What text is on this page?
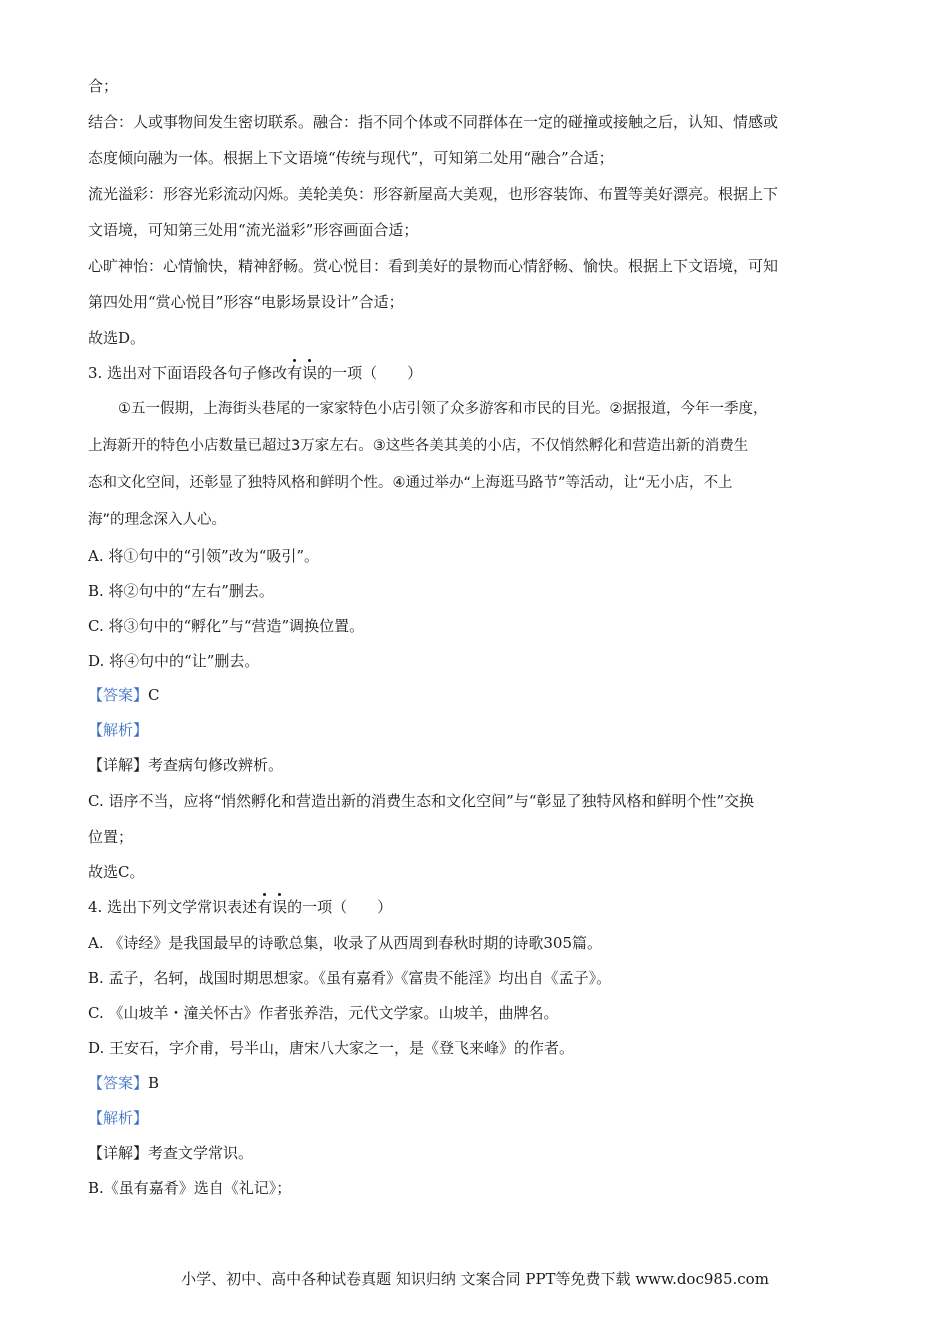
合；
结合：人或事物间发生密切联系。融合：指不同个体或不同群体在一定的碰撞或接触之后，认知、情感或
态度倾向融为一体。根据上下文语境“传统与现代”，可知第二处用“融合”合适；
流光溢彩：形容光彩流动闪烁。美轮美奂：形容新屋高大美观，也形容装饰、布置等美好漂亮。根据上下
文语境，可知第三处用“流光溢彩”形容画面合适；
心旷神怡：心情愉快，精神舒畅。赏心悦目：看到美好的景物而心情舒畅、愉快。根据上下文语境，可知
第四处用“赏心悦目”形容“电影场景设计”合适；
故选D。
3. 选出对下面语段各句子修改有误的一项（　　）
①五一假期，上海街头巷尾的一家家特色小店引领了众多游客和市民的目光。②据报道，今年一季度，
上海新开的特色小店数量已超过3万家左右。③这些各美其美的小店，不仅悄然孵化和营造出新的消费生
态和文化空间，还彰显了独特风格和鲜明个性。④通过举办“上海逛马路节”等活动，让“无小店，不上
海”的理念深入人心。
A. 将①句中的“引领”改为“吸引”。
B. 将②句中的“左右”删去。
C. 将③句中的“孵化”与“营造”调换位置。
D. 将④句中的“让”删去。
【答案】C
【解析】
【详解】考查病句修改辨析。
C. 语序不当，应将“悄然孵化和营造出新的消费生态和文化空间”与“彰显了独特风格和鲜明个性”交换
位置；
故选C。
4. 选出下列文学常识表述有误的一项（　　）
A. 《诗经》是我国最早的诗歌总集，收录了从西周到春秋时期的诗歌305篇。
B. 孟子，名轲，战国时期思想家。《虽有嘉肴》《富贵不能淫》均出自《孟子》。
C. 《山坡羊・潼关怀古》作者张养浩，元代文学家。山坡羊，曲牌名。
D. 王安石，字介甫，号半山，唐宋八大家之一，是《登飞来峰》的作者。
【答案】B
【解析】
【详解】考查文学常识。
B.《虽有嘉肴》选自《礼记》；
小学、初中、高中各种试卷真题 知识归纳 文案合同 PPT等免费下载 www.doc985.com
